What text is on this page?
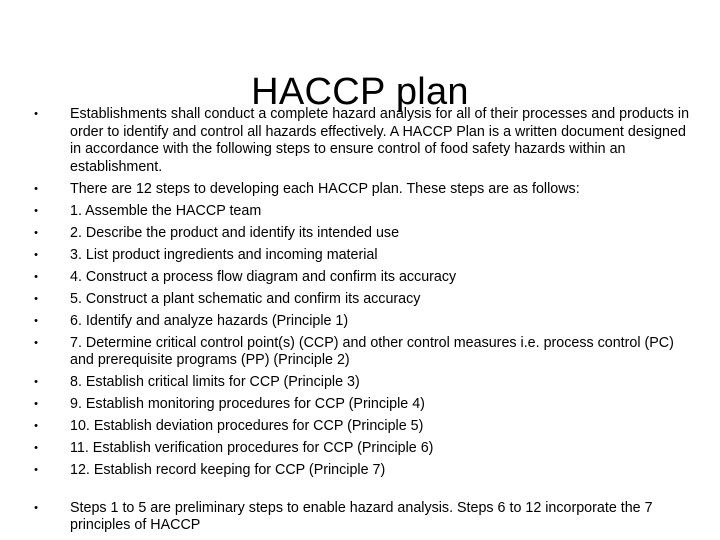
HACCP plan
• Establishments shall conduct a complete hazard analysis for all of their processes and products in order to identify and control all hazards effectively. A HACCP Plan is a written document designed in accordance with the following steps to ensure control of food safety hazards within an establishment.
• There are 12 steps to developing each HACCP plan. These steps are as follows:
• 1. Assemble the HACCP team
• 2. Describe the product and identify its intended use
• 3. List product ingredients and incoming material
• 4. Construct a process flow diagram and confirm its accuracy
• 5. Construct a plant schematic and confirm its accuracy
• 6. Identify and analyze hazards (Principle 1)
• 7. Determine critical control point(s) (CCP) and other control measures i.e. process control (PC) and prerequisite programs (PP) (Principle 2)
• 8. Establish critical limits for CCP (Principle 3)
• 9. Establish monitoring procedures for CCP (Principle 4)
• 10. Establish deviation procedures for CCP (Principle 5)
• 11. Establish verification procedures for CCP (Principle 6)
• 12. Establish record keeping for CCP (Principle 7)
• Steps 1 to 5 are preliminary steps to enable hazard analysis. Steps 6 to 12 incorporate the 7 principles of HACCP
